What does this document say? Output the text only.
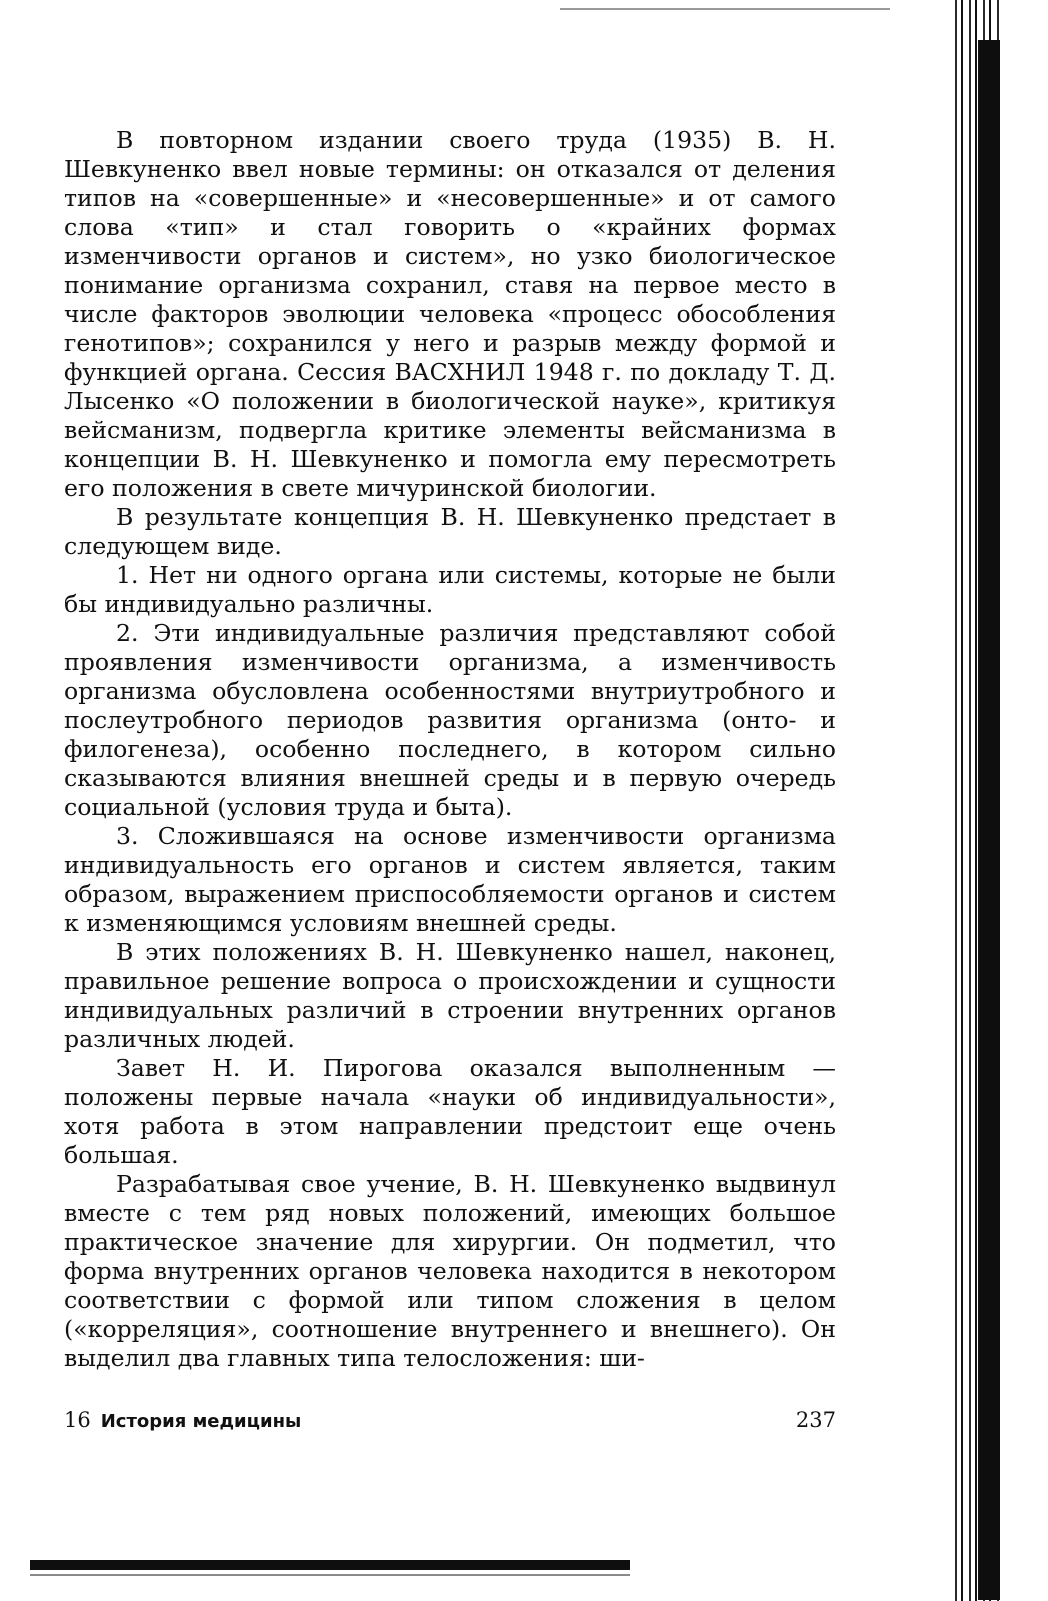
В повторном издании своего труда (1935) В. Н. Шевкуненко ввел новые термины: он отказался от деления типов на «совершенные» и «несовершенные» и от самого слова «тип» и стал говорить о «крайних формах изменчивости органов и систем», но узко биологическое понимание организма сохранил, ставя на первое место в числе факторов эволюции человека «процесс обособления генотипов»; сохранился у него и разрыв между формой и функцией органа. Сессия ВАСХНИЛ 1948 г. по докладу Т. Д. Лысенко «О положении в биологической науке», критикуя вейсманизм, подвергла критике элементы вейсманизма в концепции В. Н. Шевкуненко и помогла ему пересмотреть его положения в свете мичуринской биологии.

В результате концепция В. Н. Шевкуненко предстает в следующем виде.

1. Нет ни одного органа или системы, которые не были бы индивидуально различны.

2. Эти индивидуальные различия представляют собой проявления изменчивости организма, а изменчивость организма обусловлена особенностями внутриутробного и послеутробного периодов развития организма (онто- и филогенеза), особенно последнего, в котором сильно сказываются влияния внешней среды и в первую очередь социальной (условия труда и быта).

3. Сложившаяся на основе изменчивости организма индивидуальность его органов и систем является, таким образом, выражением приспособляемости органов и систем к изменяющимся условиям внешней среды.

В этих положениях В. Н. Шевкуненко нашел, наконец, правильное решение вопроса о происхождении и сущности индивидуальных различий в строении внутренних органов различных людей.

Завет Н. И. Пирогова оказался выполненным — положены первые начала «науки об индивидуальности», хотя работа в этом направлении предстоит еще очень большая.

Разрабатывая свое учение, В. Н. Шевкуненко выдвинул вместе с тем ряд новых положений, имеющих большое практическое значение для хирургии. Он подметил, что форма внутренних органов человека находится в некотором соответствии с формой или типом сложения в целом («корреляция», соотношение внутреннего и внешнего). Он выделил два главных типа телосложения: ши-

16 История медицины	237
